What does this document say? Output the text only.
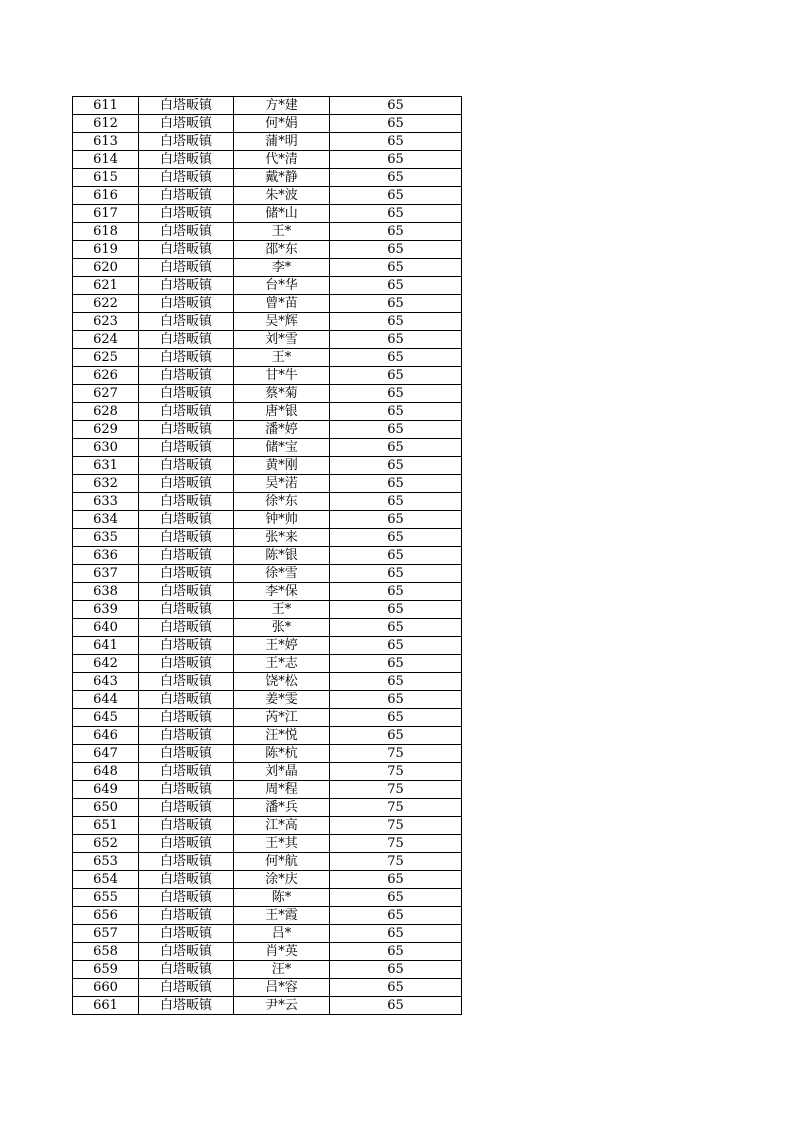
611	白塔畈镇	方*建	65
612	白塔畈镇	何*娟	65
613	白塔畈镇	蒲*明	65
614	白塔畈镇	代*清	65
615	白塔畈镇	戴*静	65
616	白塔畈镇	朱*波	65
617	白塔畈镇	储*山	65
618	白塔畈镇	王*	65
619	白塔畈镇	邵*东	65
620	白塔畈镇	李*	65
621	白塔畈镇	台*华	65
622	白塔畈镇	曾*苗	65
623	白塔畈镇	吴*辉	65
624	白塔畈镇	刘*雪	65
625	白塔畈镇	王*	65
626	白塔畈镇	甘*牛	65
627	白塔畈镇	蔡*菊	65
628	白塔畈镇	唐*银	65
629	白塔畈镇	潘*婷	65
630	白塔畈镇	储*宝	65
631	白塔畈镇	黄*刚	65
632	白塔畈镇	吴*渃	65
633	白塔畈镇	徐*东	65
634	白塔畈镇	钟*帅	65
635	白塔畈镇	张*来	65
636	白塔畈镇	陈*银	65
637	白塔畈镇	徐*雪	65
638	白塔畈镇	李*保	65
639	白塔畈镇	王*	65
640	白塔畈镇	张*	65
641	白塔畈镇	王*婷	65
642	白塔畈镇	王*志	65
643	白塔畈镇	饶*松	65
644	白塔畈镇	姜*雯	65
645	白塔畈镇	芮*江	65
646	白塔畈镇	汪*悦	65
647	白塔畈镇	陈*杭	75
648	白塔畈镇	刘*晶	75
649	白塔畈镇	周*程	75
650	白塔畈镇	潘*兵	75
651	白塔畈镇	江*高	75
652	白塔畈镇	王*其	75
653	白塔畈镇	何*航	75
654	白塔畈镇	涂*庆	65
655	白塔畈镇	陈*	65
656	白塔畈镇	王*霞	65
657	白塔畈镇	吕*	65
658	白塔畈镇	肖*英	65
659	白塔畈镇	汪*	65
660	白塔畈镇	吕*容	65
661	白塔畈镇	尹*云	65
